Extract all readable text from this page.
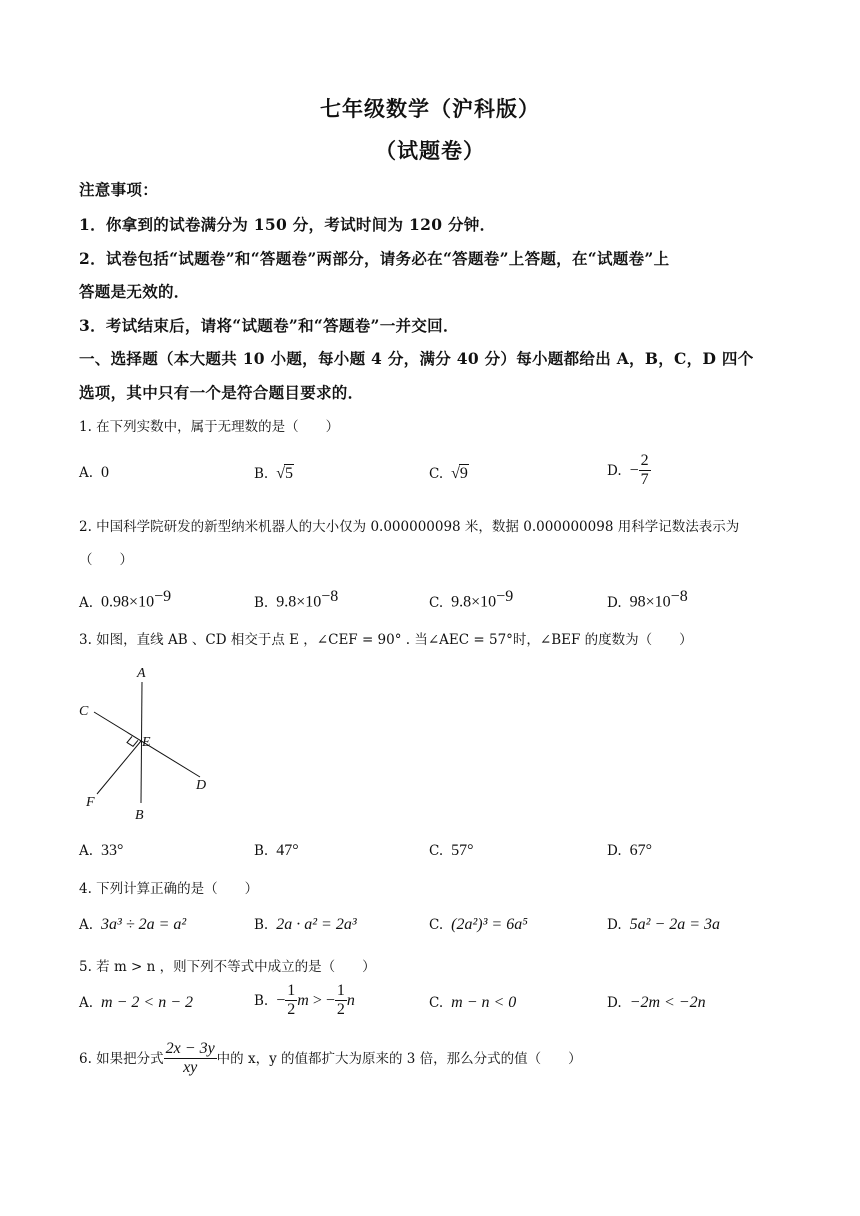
七年级数学（沪科版）
（试题卷）
注意事项：
1．你拿到的试卷满分为 150 分，考试时间为 120 分钟．
2．试卷包括“试题卷”和“答题卷”两部分，请务必在“答题卷”上答题，在“试题卷”上
答题是无效的．
3．考试结束后，请将“试题卷”和“答题卷”一并交回．
一、选择题（本大题共 10 小题，每小题 4 分，满分 40 分）每小题都给出 A，B，C，D 四个
选项，其中只有一个是符合题目要求的．
1. 在下列实数中，属于无理数的是（　　）
A. 0	B. √5	C. √9	D. − $\frac{2}{7}$
2. 中国科学院研发的新型纳米机器人的大小仅为 0.000000098 米，数据 0.000000098 用科学记数法表示为
（　　）
A. $0.98\times 10^{-9}$	B. $9.8\times 10^{-8}$	C. $9.8\times 10^{-9}$	D. $98\times 10^{-8}$
3. 如图，直线 AB 、CD 相交于点 E ，∠CEF = 90° . 当∠AEC = 57°时，∠BEF 的度数为（　　）
A
B
C
D
E
F
A. 33°	B. 47°	C. 57°	D. 67°
4. 下列计算正确的是（　　）
A. 3a³ ÷ 2a = a²	B. 2a · a² = 2a³	C. (2a²)³ = 6a⁵	D. 5a² − 2a = 3a
5. 若 m > n ，则下列不等式中成立的是（　　）
A. m − 2 < n − 2	B. − $\frac{1}{2}$ m > − $\frac{1}{2}$ n	C. m − n < 0	D. −2m < −2n
6. 如果把分式 $\frac{2x - 3y}{xy}$ 中的 x，y 的值都扩大为原来的 3 倍，那么分式的值（　　）
